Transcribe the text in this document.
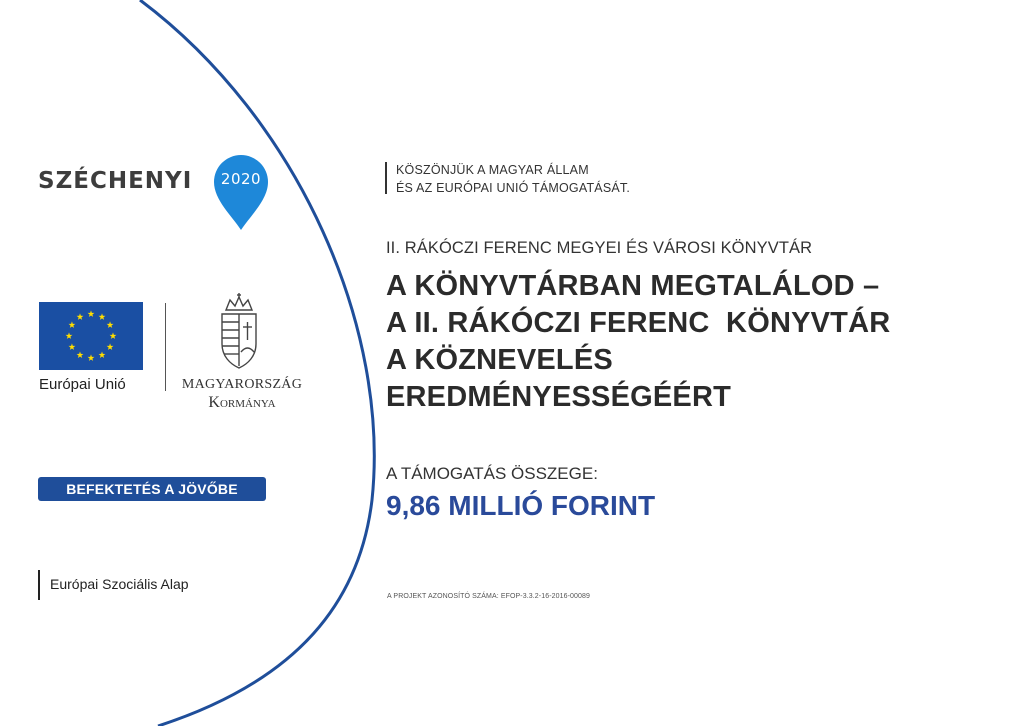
SZÉCHENYI	2020
Európai Unió	MAGYARORSZÁG
Kormánya
BEFEKTETÉS A JÖVŐBE
Európai Szociális Alap
KÖSZÖNJÜK A MAGYAR ÁLLAM
ÉS AZ EURÓPAI UNIÓ TÁMOGATÁSÁT.
II. RÁKÓCZI FERENC MEGYEI ÉS VÁROSI KÖNYVTÁR
A KÖNYVTÁRBAN MEGTALÁLOD –
A II. RÁKÓCZI FERENC  KÖNYVTÁR
A KÖZNEVELÉS
EREDMÉNYESSÉGÉÉRT
A TÁMOGATÁS ÖSSZEGE:
9,86 MILLIÓ FORINT
A PROJEKT AZONOSÍTÓ SZÁMA: EFOP-3.3.2-16-2016-00089
